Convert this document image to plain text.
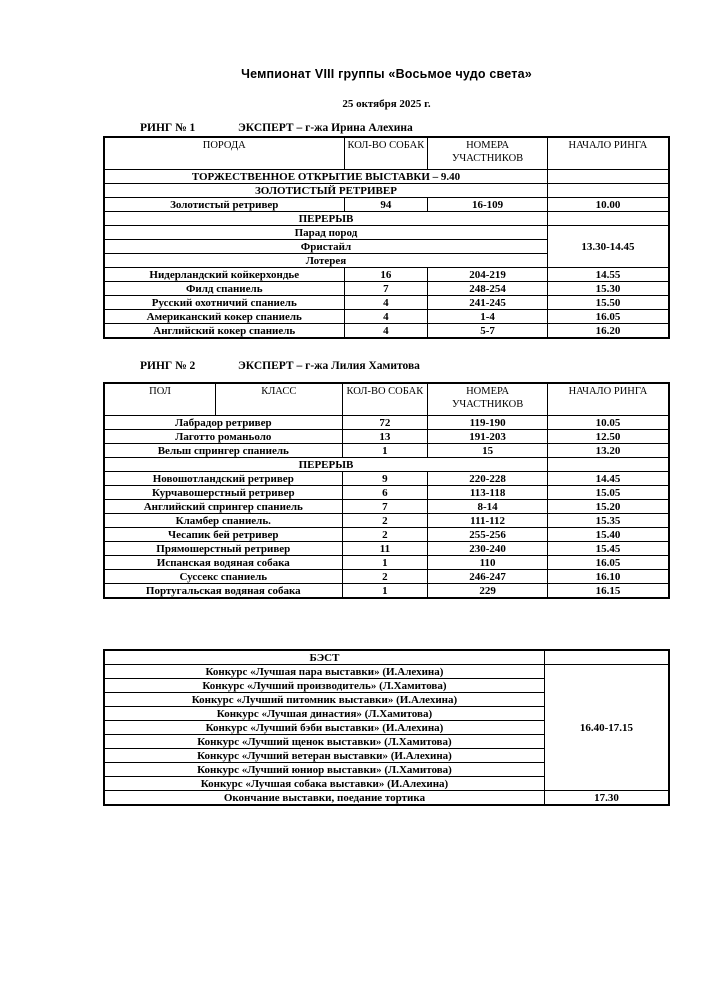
Чемпионат VIII группы «Восьмое чудо света»
25 октября 2025 г.
РИНГ № 1	ЭКСПЕРТ – г-жа Ирина Алехина
ПОРОДА	КОЛ-ВО СОБАК	НОМЕРА УЧАСТНИКОВ	НАЧАЛО РИНГА
ТОРЖЕСТВЕННОЕ ОТКРЫТИЕ ВЫСТАВКИ – 9.40			
ЗОЛОТИСТЫЙ РЕТРИВЕР			
Золотистый ретривер	94	16-109	10.00
ПЕРЕРЫВ			
Парад пород			13.30-14.45
Фристайл			
Лотерея			
Нидерландский койкерхондье	16	204-219	14.55
Филд спаниель	7	248-254	15.30
Русский охотничий спаниель	4	241-245	15.50
Американский кокер спаниель	4	1-4	16.05
Английский кокер спаниель	4	5-7	16.20
РИНГ № 2	ЭКСПЕРТ – г-жа Лилия Хамитова
ПОЛ	КЛАСС	КОЛ-ВО СОБАК	НОМЕРА УЧАСТНИКОВ	НАЧАЛО РИНГА
Лабрадор ретривер		72	119-190	10.05
Лаготто романьоло		13	191-203	12.50
Вельш спрингер спаниель		1	15	13.20
ПЕРЕРЫВ				
Новошотландский ретривер		9	220-228	14.45
Курчавошерстный ретривер		6	113-118	15.05
Английский спрингер спаниель		7	8-14	15.20
Кламбер спаниель.		2	111-112	15.35
Чесапик бей ретривер		2	255-256	15.40
Прямошерстный ретривер		11	230-240	15.45
Испанская водяная собака		1	110	16.05
Суссекс спаниель		2	246-247	16.10
Португальская водяная собака		1	229	16.15
БЭСТ	
Конкурс «Лучшая пара выставки» (И.Алехина)	16.40-17.15
Конкурс «Лучший производитель» (Л.Хамитова)	
Конкурс «Лучший питомник выставки» (И.Алехина)	
Конкурс «Лучшая династия» (Л.Хамитова)	
Конкурс «Лучший бэби выставки» (И.Алехина)	
Конкурс «Лучший щенок выставки» (Л.Хамитова)	
Конкурс «Лучший ветеран выставки» (И.Алехина)	
Конкурс «Лучший юниор выставки» (Л.Хамитова)	
Конкурс «Лучшая собака выставки» (И.Алехина)	
Окончание выставки, поедание тортика	17.30
